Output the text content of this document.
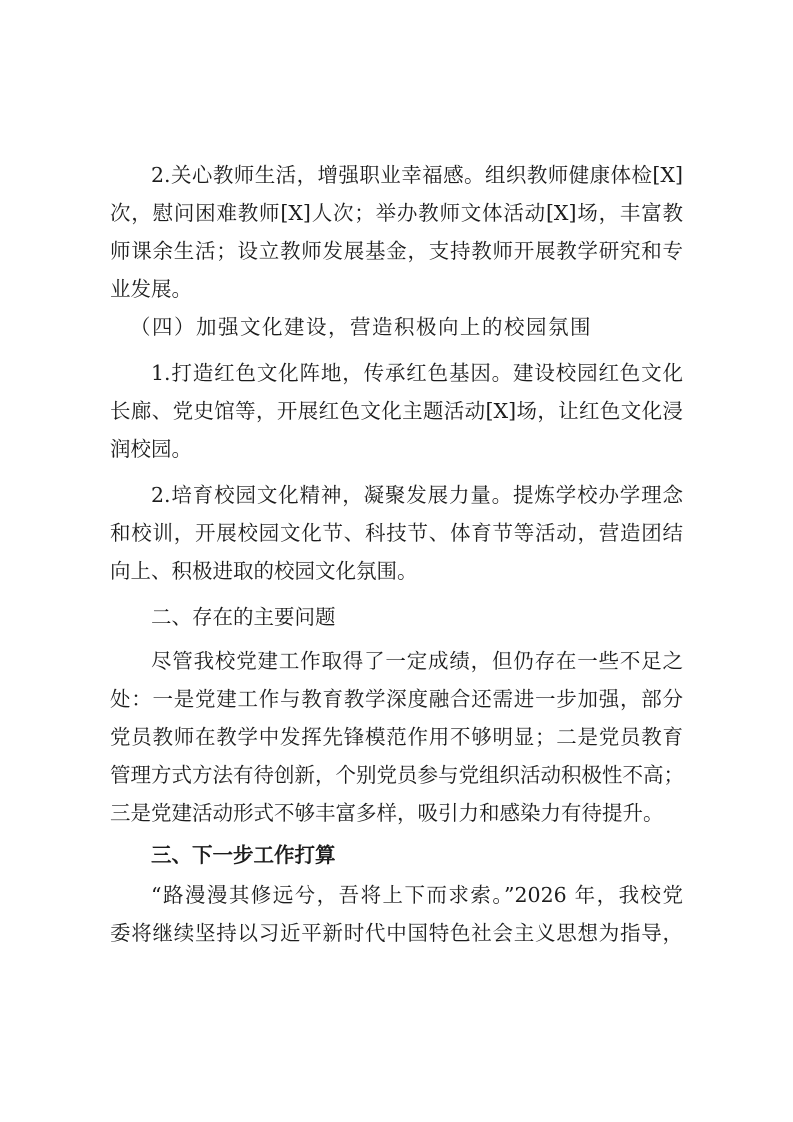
2.关心教师生活，增强职业幸福感。组织教师健康体检[X]
次，慰问困难教师[X]人次；举办教师文体活动[X]场，丰富教
师课余生活；设立教师发展基金，支持教师开展教学研究和专
业发展。
（四）加强文化建设，营造积极向上的校园氛围
1.打造红色文化阵地，传承红色基因。建设校园红色文化
长廊、党史馆等，开展红色文化主题活动[X]场，让红色文化浸
润校园。
2.培育校园文化精神，凝聚发展力量。提炼学校办学理念
和校训，开展校园文化节、科技节、体育节等活动，营造团结
向上、积极进取的校园文化氛围。
二、存在的主要问题
尽管我校党建工作取得了一定成绩，但仍存在一些不足之
处：一是党建工作与教育教学深度融合还需进一步加强，部分
党员教师在教学中发挥先锋模范作用不够明显；二是党员教育
管理方式方法有待创新，个别党员参与党组织活动积极性不高；
三是党建活动形式不够丰富多样，吸引力和感染力有待提升。
三、下一步工作打算
“路漫漫其修远兮，吾将上下而求索。”2026 年，我校党
委将继续坚持以习近平新时代中国特色社会主义思想为指导，
